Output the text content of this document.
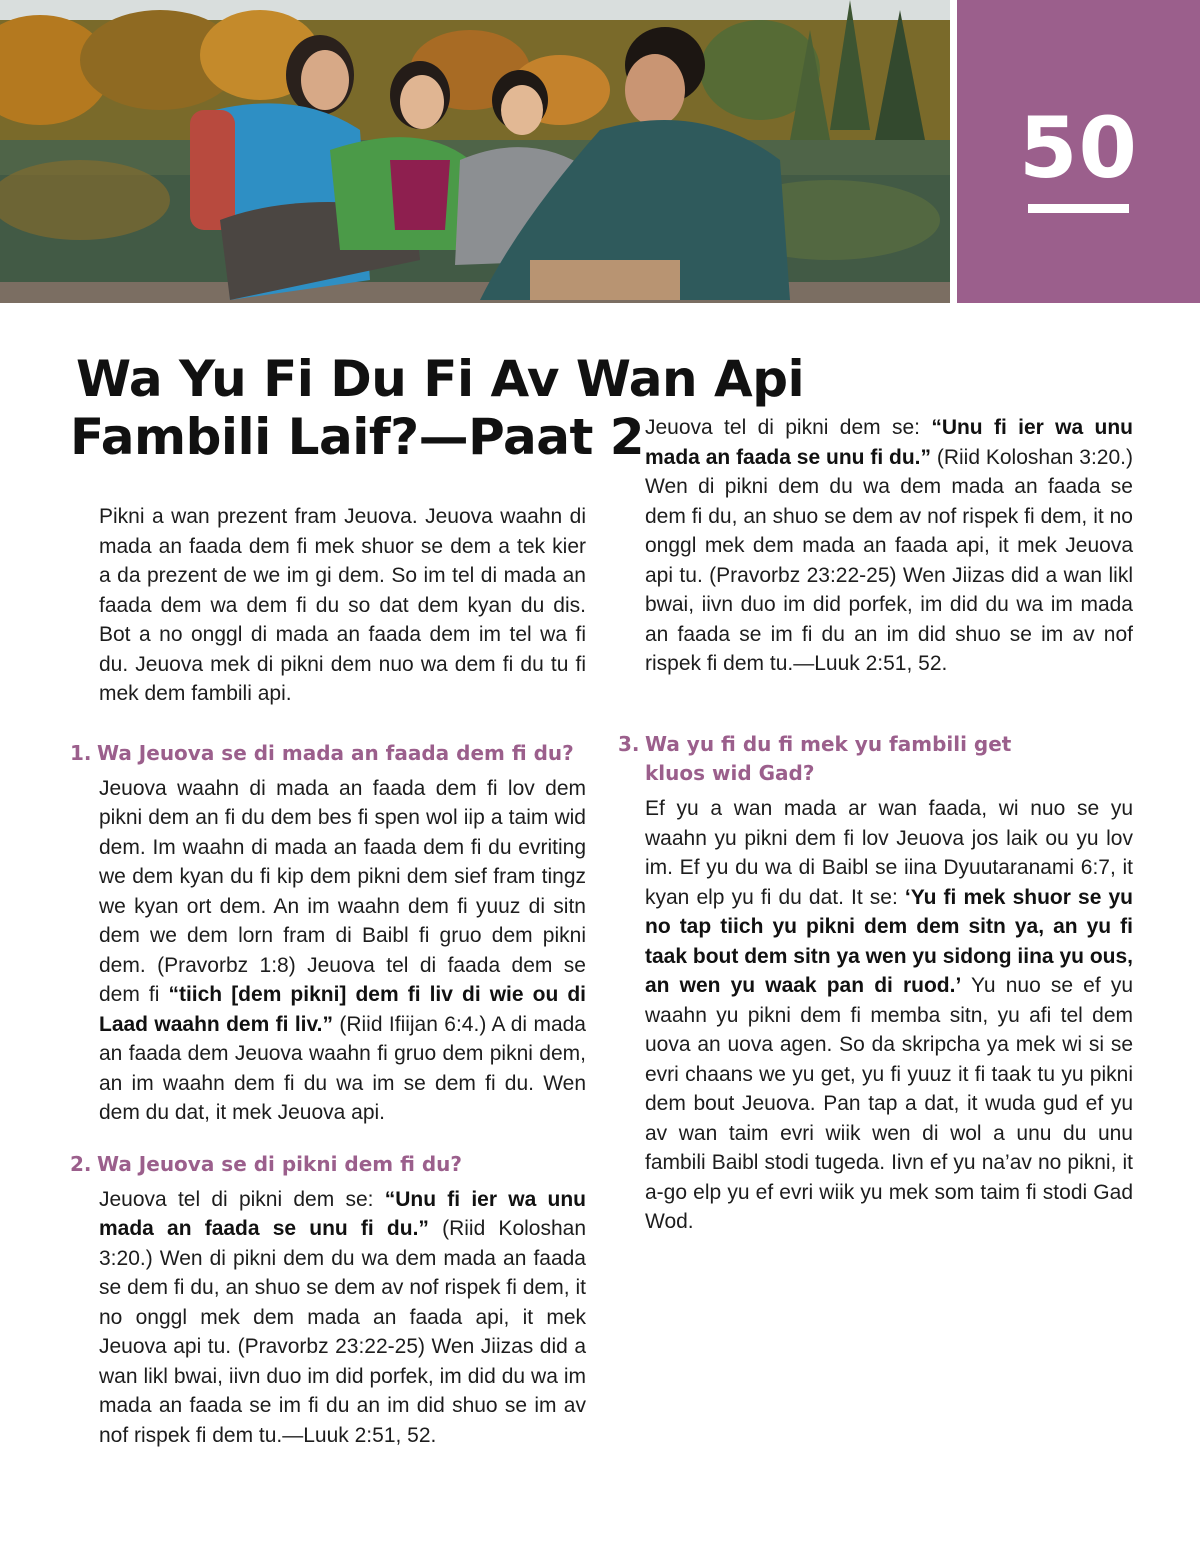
50
Wa Yu Fi Du Fi Av Wan Api
Fambili Laif?—Paat 2

Pikni a wan prezent fram Jeuova. Jeuova waahn di mada an faada dem fi mek shuor se dem a tek kier a da prezent de we im gi dem. So im tel di mada an faada dem wa dem fi du so dat dem kyan du dis. Bot a no onggl di mada an faada dem im tel wa fi du. Jeuova mek di pikni dem nuo wa dem fi du tu fi mek dem fambili api.

1. Wa Jeuova se di mada an faada dem fi du?

Jeuova waahn di mada an faada dem fi lov dem pikni dem an fi du dem bes fi spen wol iip a taim wid dem. Im waahn di mada an faada dem fi du evriting we dem kyan du fi kip dem pikni dem sief fram tingz we kyan ort dem. An im waahn dem fi yuuz di sitn dem we dem lorn fram di Baibl fi gruo dem pikni dem. (Pravorbz 1:8) Jeuova tel di faada dem se dem fi “tiich [dem pikni] dem fi liv di wie ou di Laad waahn dem fi liv.” (Riid Ifiijan 6:4.) A di mada an faada dem Jeuova waahn fi gruo dem pikni dem, an im waahn dem fi du wa im se dem fi du. Wen dem du dat, it mek Jeuova api.

2. Wa Jeuova se di pikni dem fi du?

Jeuova tel di pikni dem se: “Unu fi ier wa unu mada an faada se unu fi du.” (Riid Koloshan 3:20.) Wen di pikni dem du wa dem mada an faada se dem fi du, an shuo se dem av nof rispek fi dem, it no onggl mek dem mada an faada api, it mek Jeuova api tu. (Pravorbz 23:22-25) Wen Jiizas did a wan likl bwai, iivn duo im did porfek, im did du wa im mada an faada se im fi du an im did shuo se im av nof rispek fi dem tu.—Luuk 2:51, 52.

Jeuova tel di pikni dem se: “Unu fi ier wa unu mada an faada se unu fi du.” (Riid Koloshan 3:20.) Wen di pikni dem du wa dem mada an faada se dem fi du, an shuo se dem av nof rispek fi dem, it no onggl mek dem mada an faada api, it mek Jeuova api tu. (Pravorbz 23:22-25) Wen Jiizas did a wan likl bwai, iivn duo im did porfek, im did du wa im mada an faada se im fi du an im did shuo se im av nof rispek fi dem tu.—Luuk 2:51, 52.

3. Wa yu fi du fi mek yu fambili get
kluos wid Gad?

Ef yu a wan mada ar wan faada, wi nuo se yu waahn yu pikni dem fi lov Jeuova jos laik ou yu lov im. Ef yu du wa di Baibl se iina Dyuutaranami 6:7, it kyan elp yu fi du dat. It se: ‘Yu fi mek shuor se yu no tap tiich yu pikni dem dem sitn ya, an yu fi taak bout dem sitn ya wen yu sidong iina yu ous, an wen yu waak pan di ruod.’ Yu nuo se ef yu waahn yu pikni dem fi memba sitn, yu afi tel dem uova an uova agen. So da skripcha ya mek wi si se evri chaans we yu get, yu fi yuuz it fi taak tu yu pikni dem bout Jeuova. Pan tap a dat, it wuda gud ef yu av wan taim evri wiik wen di wol a unu du unu fambili Baibl stodi tugeda. Iivn ef yu na’av no pikni, it a-go elp yu ef evri wiik yu mek som taim fi stodi Gad Wod.
